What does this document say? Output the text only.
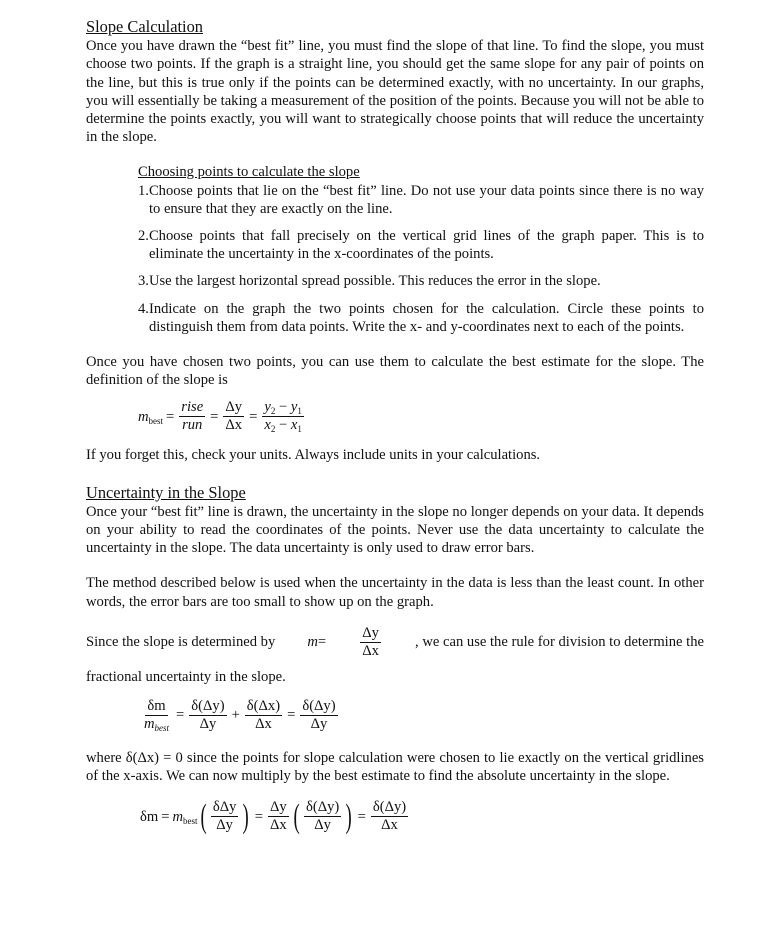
Slope Calculation

Once you have drawn the “best fit” line, you must find the slope of that line. To find the slope, you must choose two points. If the graph is a straight line, you should get the same slope for any pair of points on the line, but this is true only if the points can be determined exactly, with no uncertainty. In our graphs, you will essentially be taking a measurement of the position of the points. Because you will not be able to determine the points exactly, you will want to strategically choose points that will reduce the uncertainty in the slope.

Choosing points to calculate the slope
1. Choose points that lie on the “best fit” line. Do not use your data points since there is no way to ensure that they are exactly on the line.
2. Choose points that fall precisely on the vertical grid lines of the graph paper. This is to eliminate the uncertainty in the x-coordinates of the points.
3. Use the largest horizontal spread possible. This reduces the error in the slope.
4. Indicate on the graph the two points chosen for the calculation. Circle these points to distinguish them from data points. Write the x- and y-coordinates next to each of the points.

Once you have chosen two points, you can use them to calculate the best estimate for the slope. The definition of the slope is

$m_{best} = \frac{\text{rise}}{\text{run}} = \frac{\Delta y}{\Delta x} = \frac{y_2 - y_1}{x_2 - x_1}$

If you forget this, check your units. Always include units in your calculations.

Uncertainty in the Slope

Once your “best fit” line is drawn, the uncertainty in the slope no longer depends on your data. It depends on your ability to read the coordinates of the points. Never use the data uncertainty to calculate the uncertainty in the slope. The data uncertainty is only used to draw error bars.

The method described below is used when the uncertainty in the data is less than the least count. In other words, the error bars are too small to show up on the graph.

Since the slope is determined by $m= \frac{\Delta y}{\Delta x}$ , we can use the rule for division to determine the

fractional uncertainty in the slope.

$\frac{\delta m}{m_{best}} = \frac{\delta(\Delta y)}{\Delta y} + \frac{\delta(\Delta x)}{\Delta x} = \frac{\delta(\Delta y)}{\Delta y}$

where δ(Δx) = 0 since the points for slope calculation were chosen to lie exactly on the vertical gridlines of the x-axis. We can now multiply by the best estimate to find the absolute uncertainty in the slope.

$\delta m = m_{best}$ ( $\frac{\text{δΔy}}{\Delta y}$ ) = $\frac{\Delta y}{\Delta x}$ ( $\frac{\delta(\Delta y)}{\Delta y}$ ) = $\frac{\delta(\Delta y)}{\Delta x}$
